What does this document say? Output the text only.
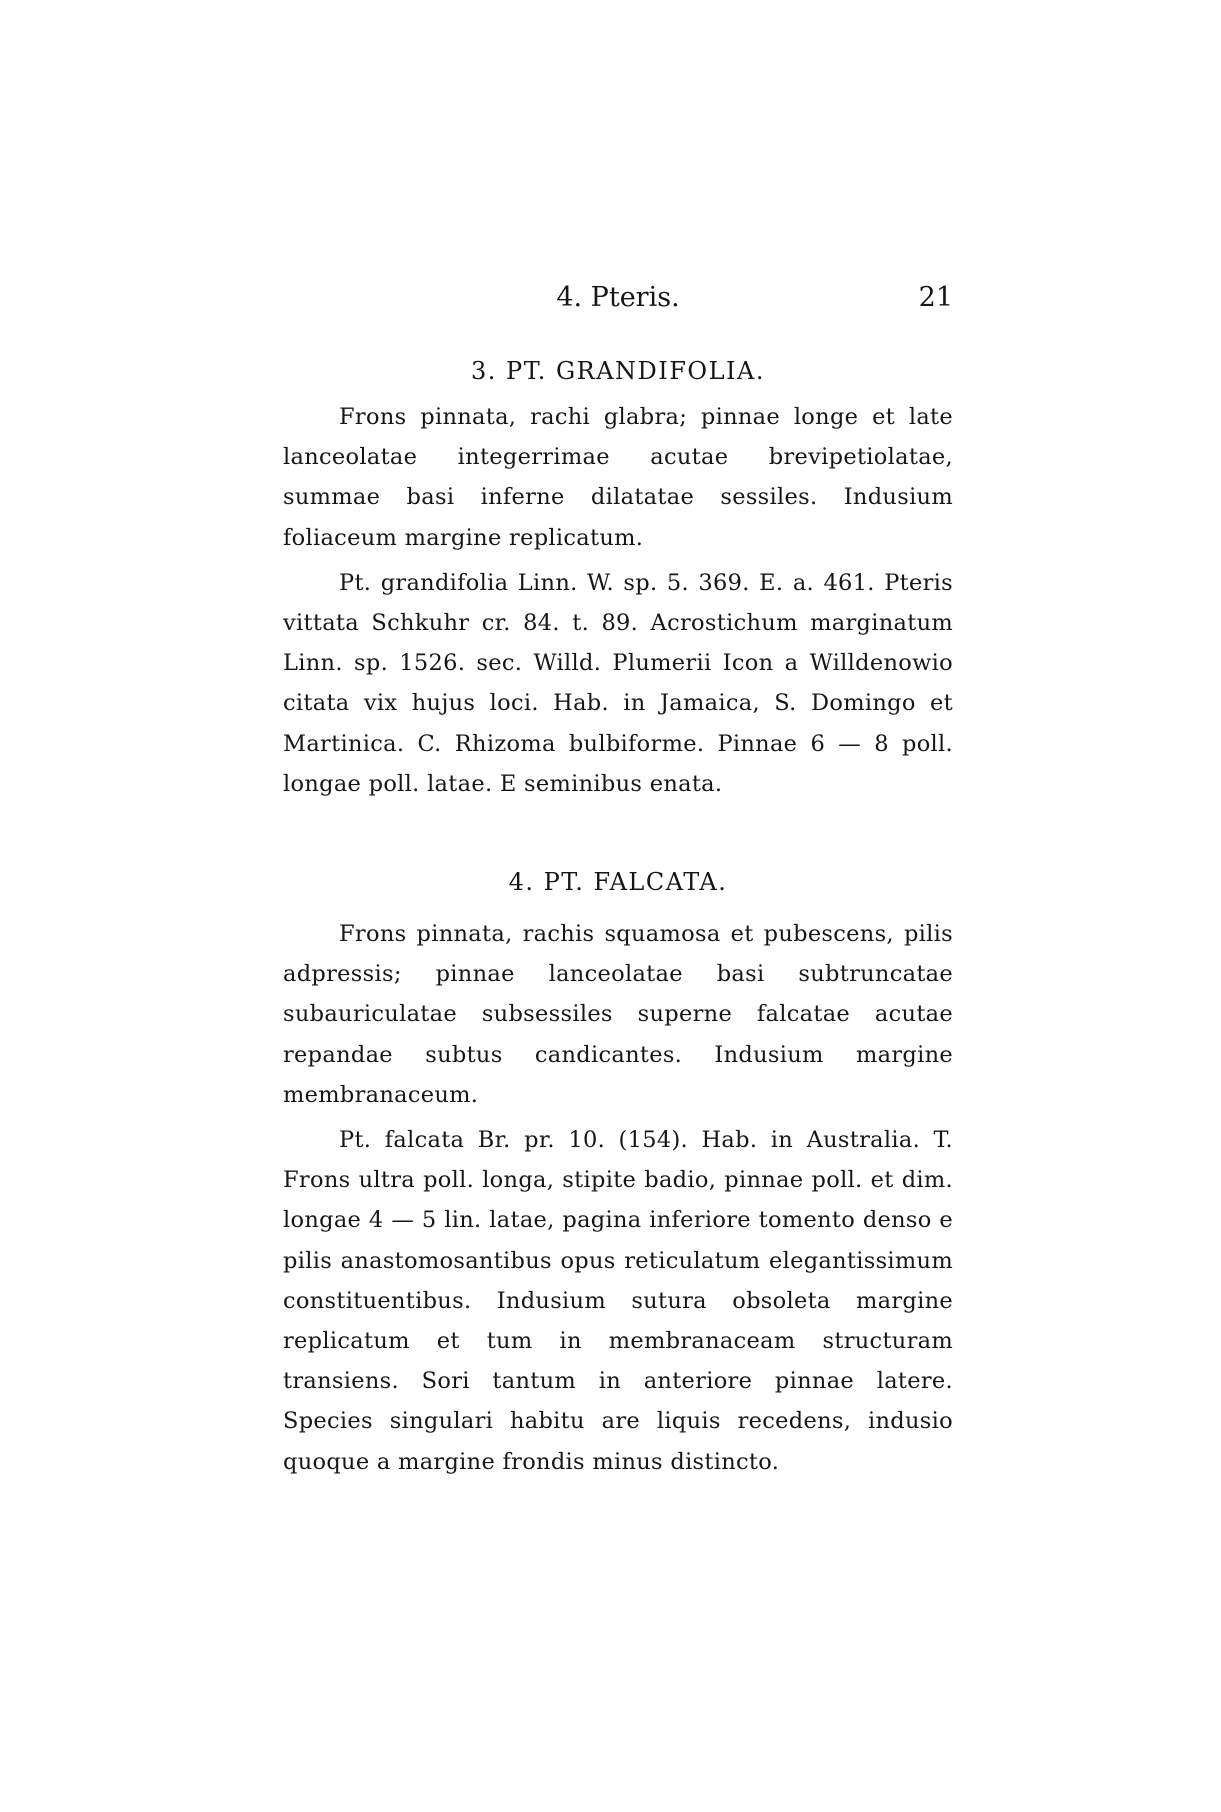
4. Pteris.	21
3. PT. GRANDIFOLIA.

Frons pinnata, rachi glabra; pinnae longe et late lanceolatae integerrimae acutae brevipetiolatae, summae basi inferne dilatatae sessiles. Indusium foliaceum margine replicatum.

Pt. grandifolia Linn. W. sp. 5. 369. E. a. 461. Pteris vittata Schkuhr cr. 84. t. 89. Acrostichum marginatum Linn. sp. 1526. sec. Willd. Plumerii Icon a Willdenowio citata vix hujus loci. Hab. in Jamaica, S. Domingo et Martinica. C. Rhizoma bulbiforme. Pinnae 6 — 8 poll. longae poll. latae. E seminibus enata.

4. PT. FALCATA.

Frons pinnata, rachis squamosa et pubescens, pilis adpressis; pinnae lanceolatae basi subtruncatae subauriculatae subsessiles superne falcatae acutae repandae subtus candicantes. Indusium margine membranaceum.

Pt. falcata Br. pr. 10. (154). Hab. in Australia. T. Frons ultra poll. longa, stipite badio, pinnae poll. et dim. longae 4 — 5 lin. latae, pagina inferiore tomento denso e pilis anastomosantibus opus reticulatum elegantissimum constituentibus. Indusium sutura obsoleta margine replicatum et tum in membranaceam structuram transiens. Sori tantum in anteriore pinnae latere. Species singulari habitu are liquis recedens, indusio quoque a margine frondis minus distincto.
